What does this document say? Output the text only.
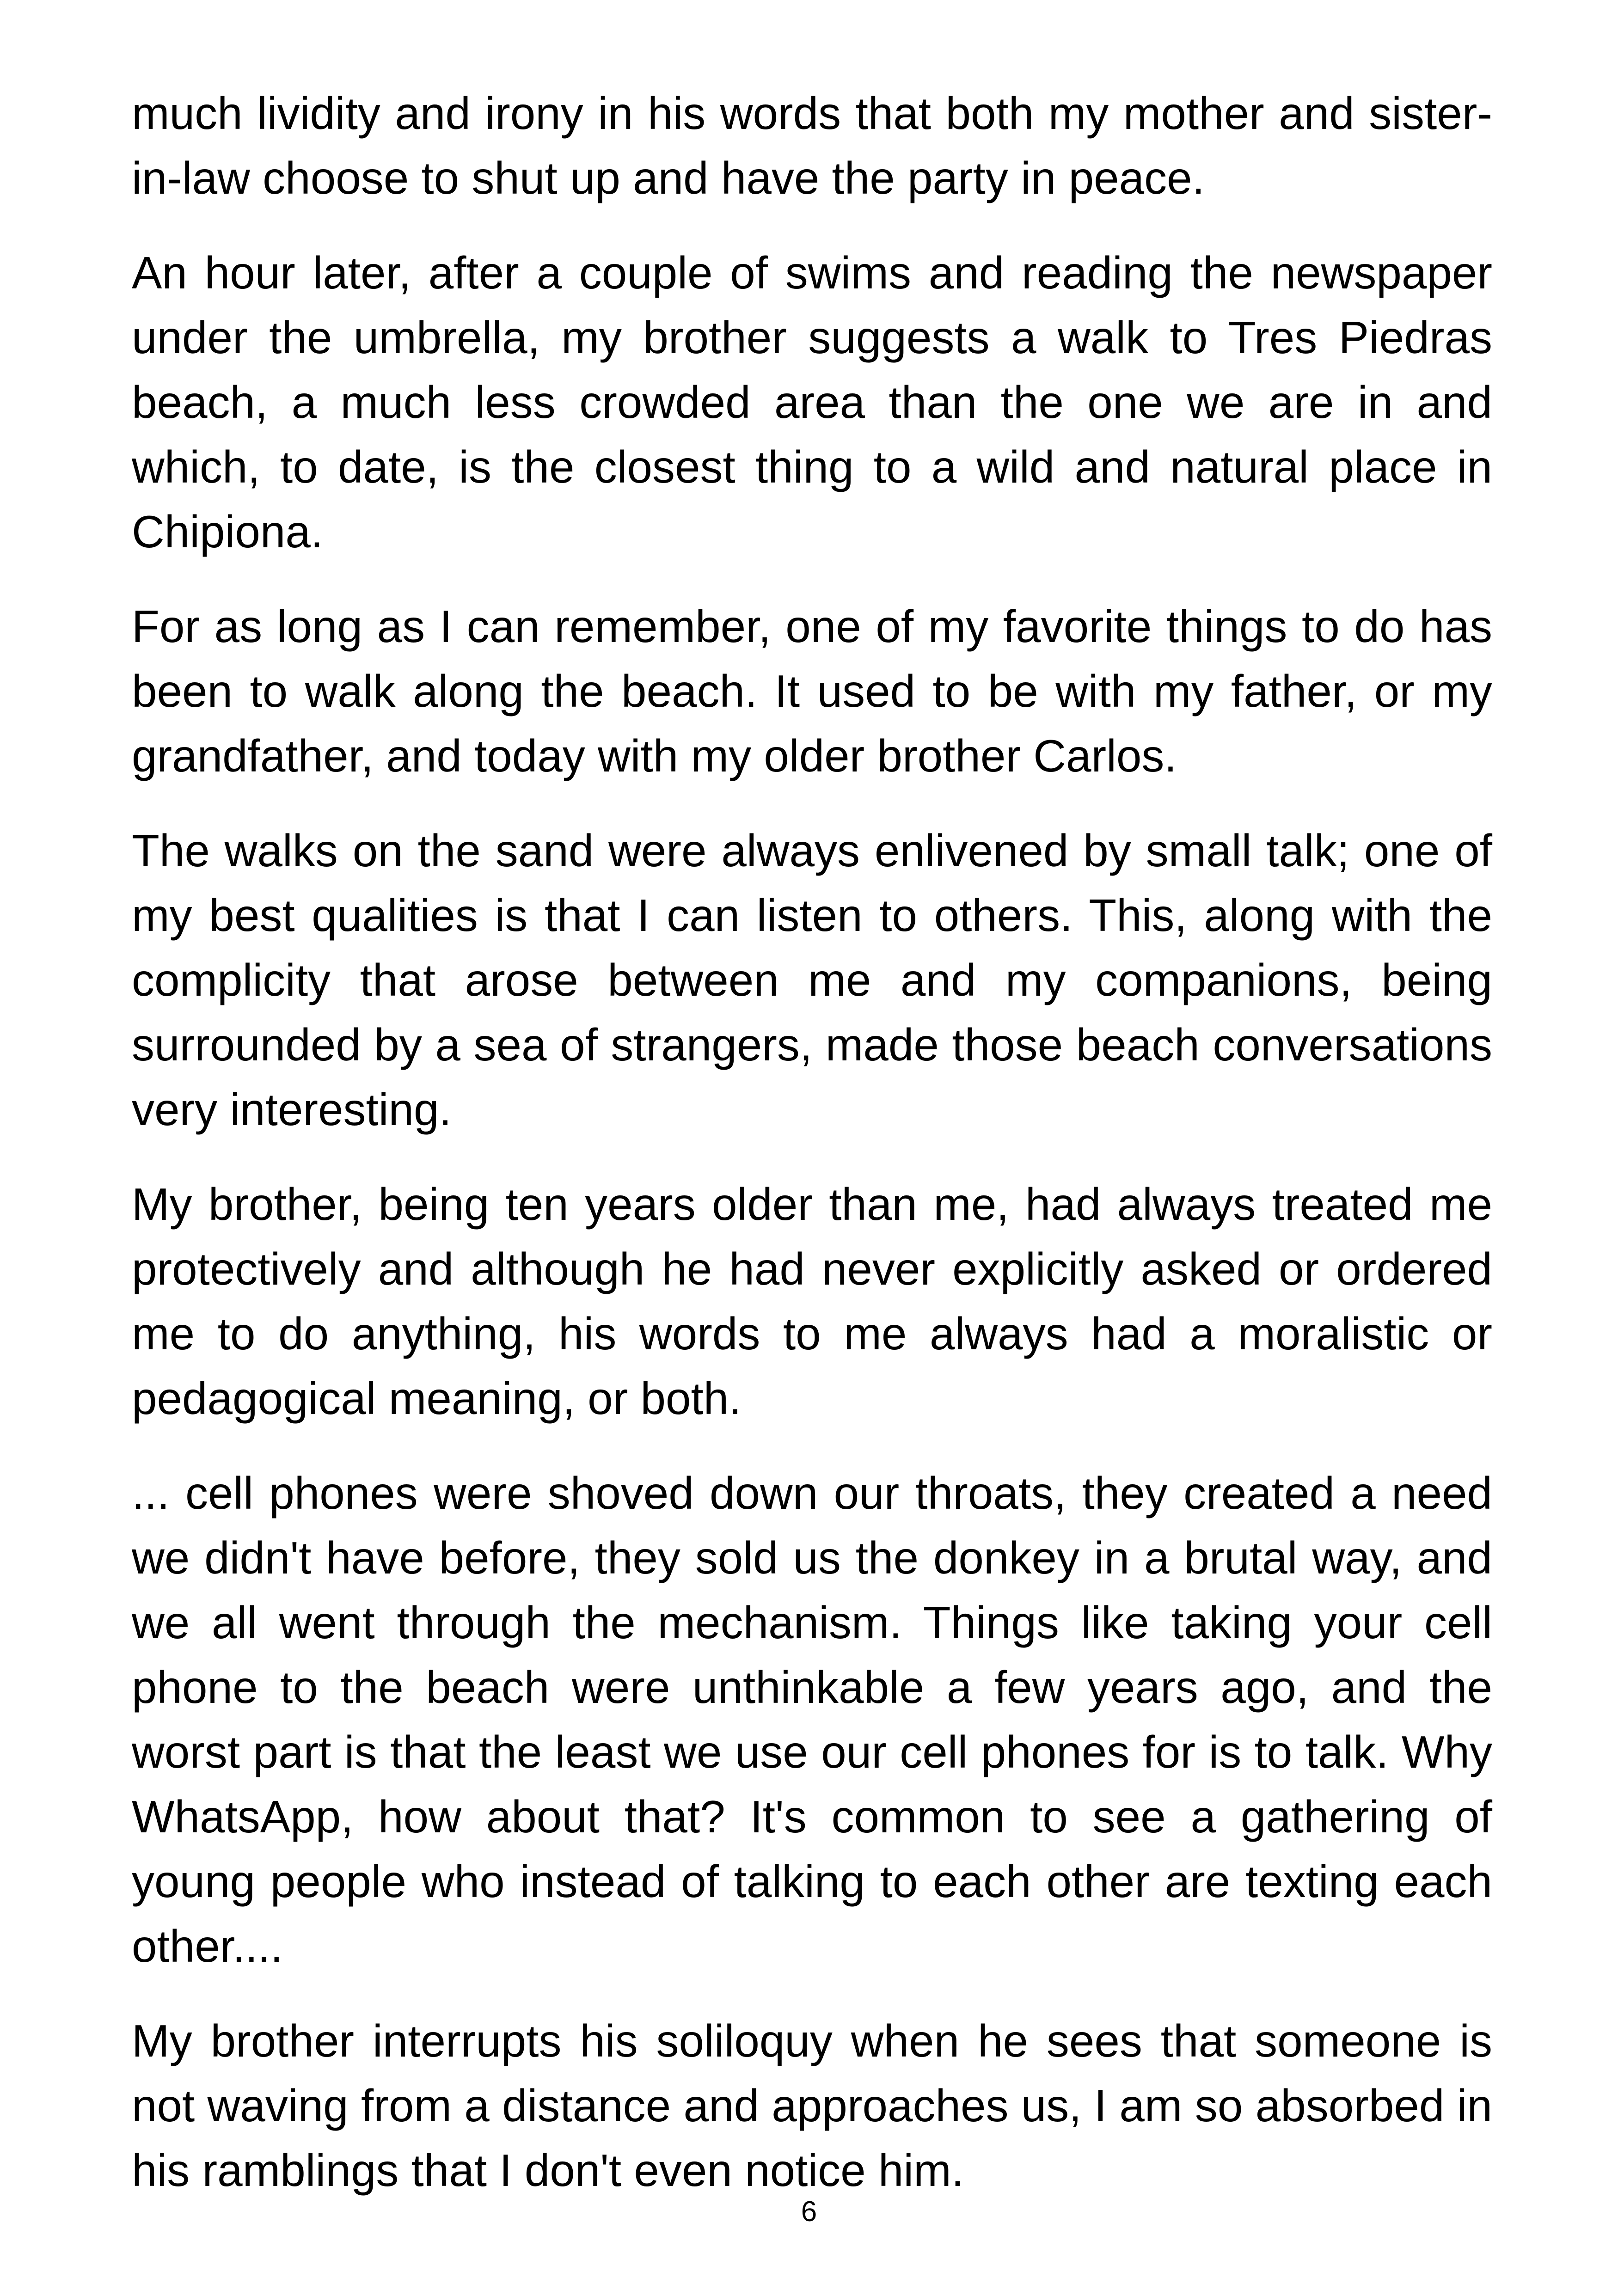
much lividity and irony in his words that both my mother and sister-in-law choose to shut up and have the party in peace.

An hour later, after a couple of swims and reading the newspaper under the umbrella, my brother suggests a walk to Tres Piedras beach, a much less crowded area than the one we are in and which, to date, is the closest thing to a wild and natural place in Chipiona.

For as long as I can remember, one of my favorite things to do has been to walk along the beach. It used to be with my father, or my grandfather, and today with my older brother Carlos.

The walks on the sand were always enlivened by small talk; one of my best qualities is that I can listen to others. This, along with the complicity that arose between me and my companions, being surrounded by a sea of strangers, made those beach conversations very interesting.

My brother, being ten years older than me, had always treated me protectively and although he had never explicitly asked or ordered me to do anything, his words to me always had a moralistic or pedagogical meaning, or both.

... cell phones were shoved down our throats, they created a need we didn't have before, they sold us the donkey in a brutal way, and we all went through the mechanism. Things like taking your cell phone to the beach were unthinkable a few years ago, and the worst part is that the least we use our cell phones for is to talk. Why WhatsApp, how about that? It's common to see a gathering of young people who instead of talking to each other are texting each other....

My brother interrupts his soliloquy when he sees that someone is not waving from a distance and approaches us, I am so absorbed in his ramblings that I don't even notice him.

6
